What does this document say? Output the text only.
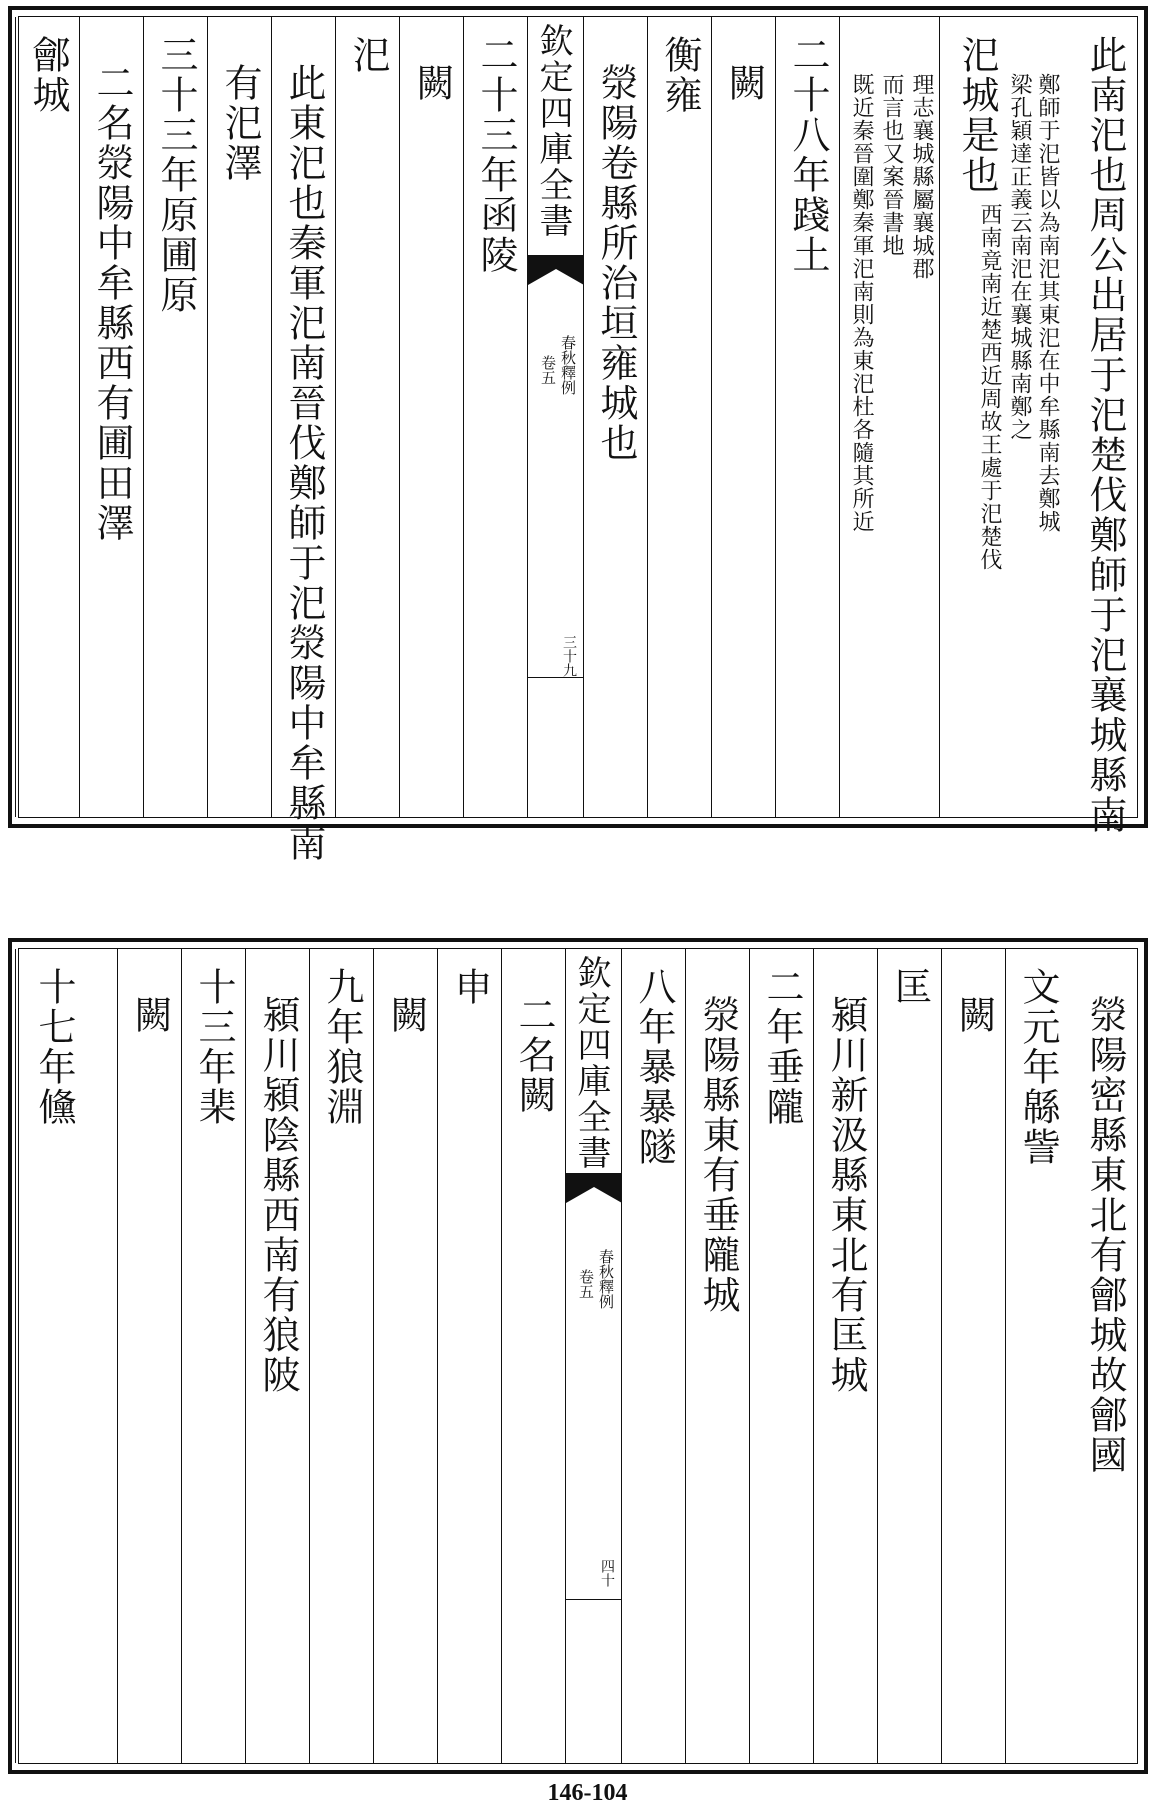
此南汜也周公出居于汜楚伐鄭師于汜襄城縣南
汜城是也 梁孔穎達正義云南汜在襄城縣南鄭之
西南竟南近楚西近周故王處于汜楚伐 鄭師于汜皆以為南汜其東汜在中牟縣南去鄭城
既近秦晉圍鄭秦軍汜南則為東汜杜各隨其所近 而言也又案晉書地 理志襄城縣屬襄城郡
二十八年踐土
闕
衡雍
滎陽卷縣所治垣雍城也
欽定四庫全書
春秋釋例
卷五
三十九
二十三年函陵
闕
汜
此東汜也秦軍汜南晉伐鄭師于汜滎陽中牟縣南
有汜澤
三十三年原圃原
二名滎陽中牟縣西有圃田澤
鄶城
滎陽密縣東北有鄶城故鄶國
文元年緜訾
闕
匡
潁川新汲縣東北有匡城
二年垂隴
滎陽縣東有垂隴城
八年暴暴隧
欽定四庫全書
春秋釋例
卷五
四十
二名闕
申
闕
九年狼淵
潁川潁陰縣西南有狼陂
十三年棐
闕
十七年儵
146-104
